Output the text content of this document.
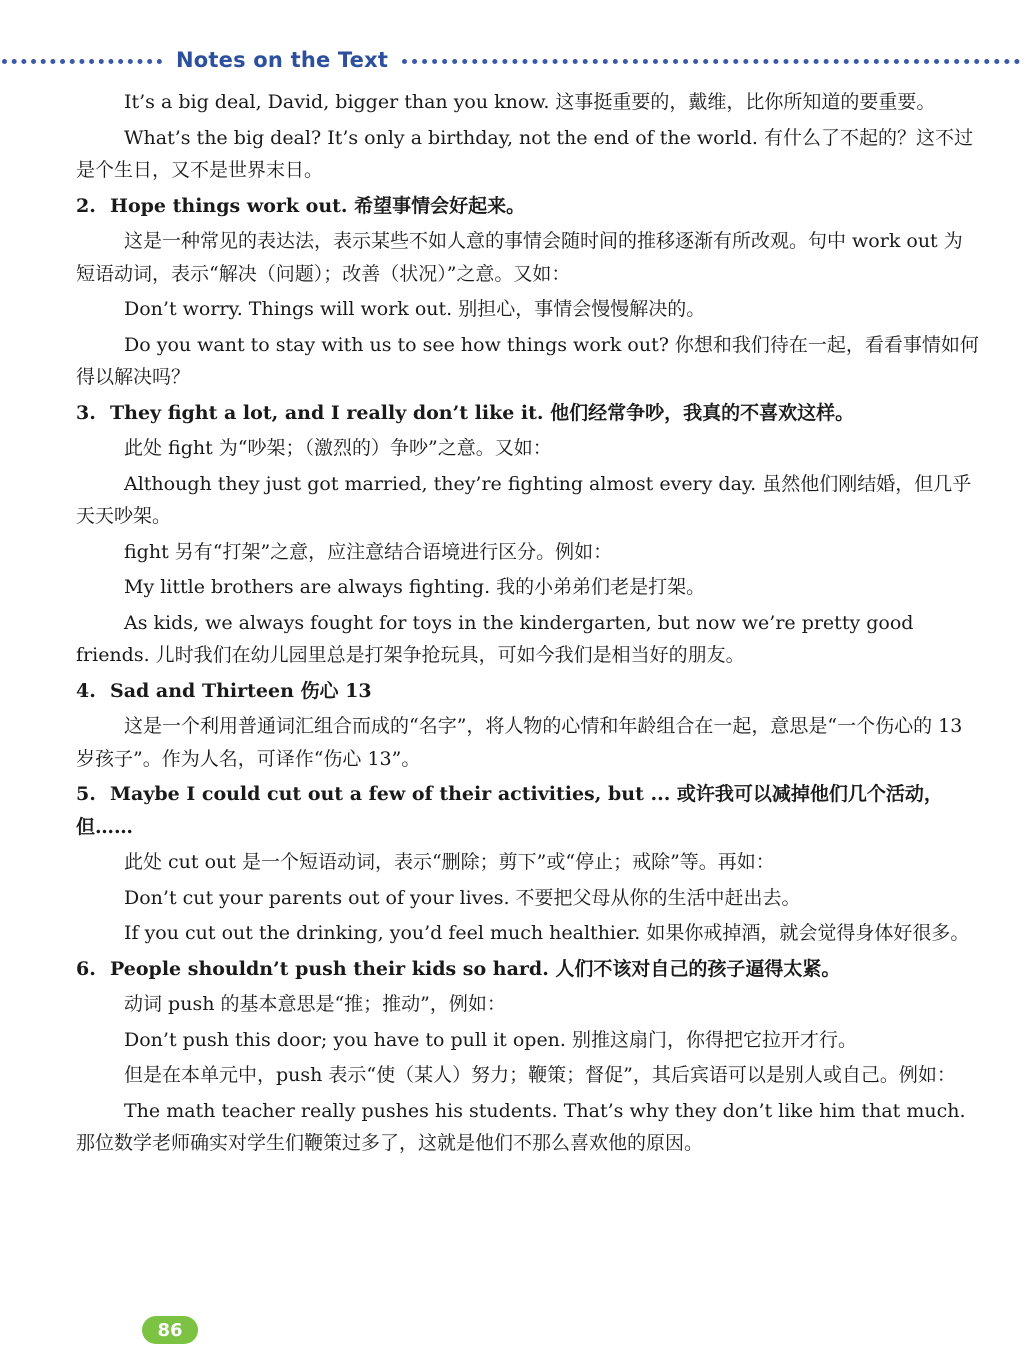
Notes on the Text

It’s a big deal, David, bigger than you know. 这事挺重要的，戴维，比你所知道的要重要。

What’s the big deal? It’s only a birthday, not the end of the world. 有什么了不起的？这不过是个生日，又不是世界末日。

2. Hope things work out. 希望事情会好起来。

这是一种常见的表达法，表示某些不如人意的事情会随时间的推移逐渐有所改观。句中 work out 为短语动词，表示“解决（问题）；改善（状况）”之意。又如：

Don’t worry. Things will work out. 别担心，事情会慢慢解决的。

Do you want to stay with us to see how things work out? 你想和我们待在一起，看看事情如何得以解决吗？

3. They fight a lot, and I really don’t like it. 他们经常争吵，我真的不喜欢这样。

此处 fight 为“吵架；（激烈的）争吵”之意。又如：

Although they just got married, they’re fighting almost every day. 虽然他们刚结婚，但几乎天天吵架。

fight 另有“打架”之意，应注意结合语境进行区分。例如：

My little brothers are always fighting. 我的小弟弟们老是打架。

As kids, we always fought for toys in the kindergarten, but now we’re pretty good friends. 儿时我们在幼儿园里总是打架争抢玩具，可如今我们是相当好的朋友。

4. Sad and Thirteen 伤心 13

这是一个利用普通词汇组合而成的“名字”，将人物的心情和年龄组合在一起，意思是“一个伤心的 13 岁孩子”。作为人名，可译作“伤心 13”。

5. Maybe I could cut out a few of their activities, but ... 或许我可以减掉他们几个活动，但……

此处 cut out 是一个短语动词，表示“删除；剪下”或“停止；戒除”等。再如：

Don’t cut your parents out of your lives. 不要把父母从你的生活中赶出去。

If you cut out the drinking, you’d feel much healthier. 如果你戒掉酒，就会觉得身体好很多。

6. People shouldn’t push their kids so hard. 人们不该对自己的孩子逼得太紧。

动词 push 的基本意思是“推；推动”，例如：

Don’t push this door; you have to pull it open. 别推这扇门，你得把它拉开才行。

但是在本单元中，push 表示“使（某人）努力；鞭策；督促”，其后宾语可以是别人或自己。例如：

The math teacher really pushes his students. That’s why they don’t like him that much. 那位数学老师确实对学生们鞭策过多了，这就是他们不那么喜欢他的原因。

86
